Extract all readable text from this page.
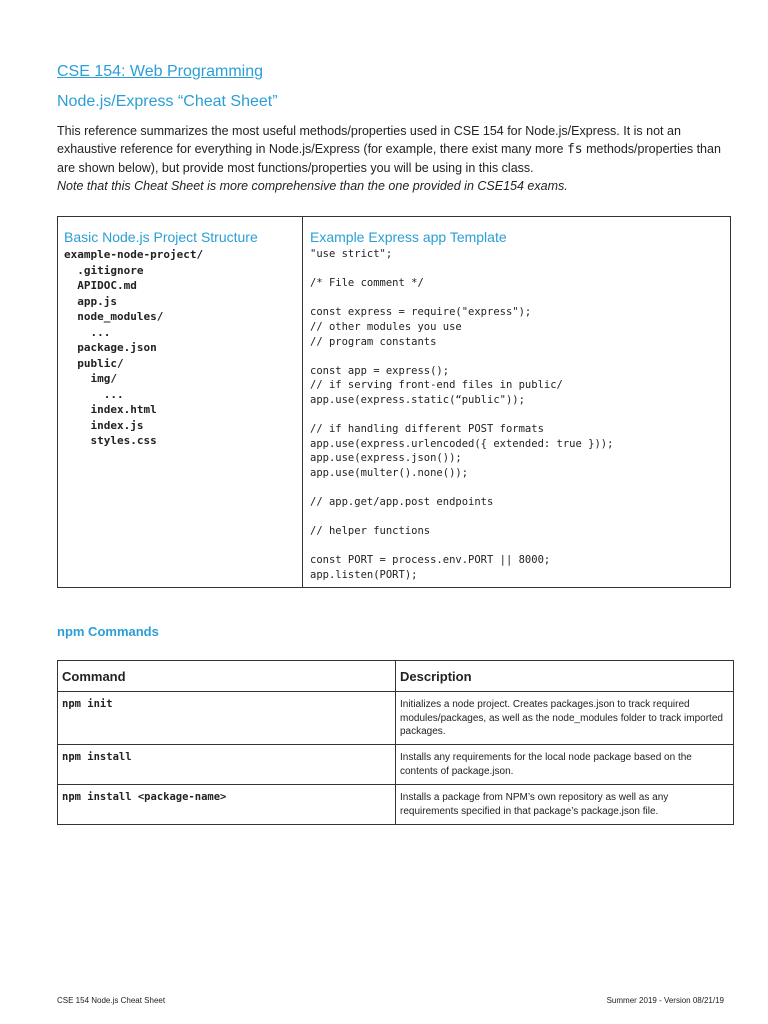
CSE 154: Web Programming
Node.js/Express “Cheat Sheet”
This reference summarizes the most useful methods/properties used in CSE 154 for Node.js/Express. It is not an exhaustive reference for everything in Node.js/Express (for example, there exist many more fs methods/properties than are shown below), but provide most functions/properties you will be using in this class.
Note that this Cheat Sheet is more comprehensive than the one provided in CSE154 exams.
Basic Node.js Project Structure
example-node-project/
.gitignore
APIDOC.md
app.js
node_modules/
...
package.json
public/
img/
...
index.html
index.js
styles.css
Example Express app Template
"use strict";

/* File comment */

const express = require("express");
// other modules you use
// program constants

const app = express();
// if serving front-end files in public/
app.use(express.static(“public"));

// if handling different POST formats
app.use(express.urlencoded({ extended: true }));
app.use(express.json());
app.use(multer().none());

// app.get/app.post endpoints

// helper functions

const PORT = process.env.PORT || 8000;
app.listen(PORT);
npm Commands
Command	Description
npm init	Initializes a node project. Creates packages.json to track required modules/packages, as well as the node_modules folder to track imported packages.
npm install	Installs any requirements for the local node package based on the contents of package.json.
npm install <package-name>	Installs a package from NPM’s own repository as well as any requirements specified in that package’s package.json file.
CSE 154 Node.js Cheat Sheet	Summer 2019 - Version 08/21/19
